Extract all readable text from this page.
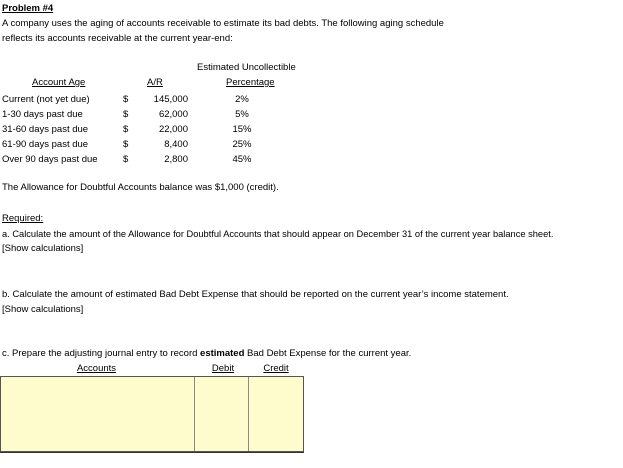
Problem #4
A company uses the aging of accounts receivable to estimate its bad debts. The following aging schedule
reflects its accounts receivable at the current year-end:
Estimated Uncollectible
Account Age	A/R	Percentage
Current (not yet due)	$	145,000	2%
1-30 days past due	$	62,000	5%
31-60 days past due	$	22,000	15%
61-90 days past due	$	8,400	25%
Over 90 days past due	$	2,800	45%
The Allowance for Doubtful Accounts balance was $1,000 (credit).
Required:
a. Calculate the amount of the Allowance for Doubtful Accounts that should appear on December 31 of the current year balance sheet.
[Show calculations]
b. Calculate the amount of estimated Bad Debt Expense that should be reported on the current year’s income statement.
[Show calculations]
c. Prepare the adjusting journal entry to record estimated Bad Debt Expense for the current year.
Accounts	Debit	Credit
